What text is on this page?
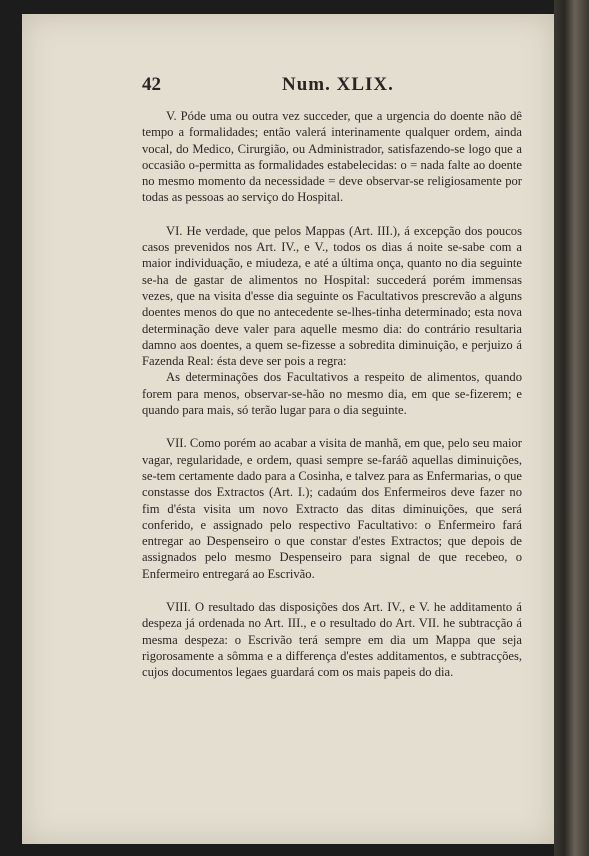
42	Num. XLIX.

V. Póde uma ou outra vez succeder, que a urgencia do doente não dê tempo a formalidades; então valerá interinamente qualquer ordem, ainda vocal, do Medico, Cirurgião, ou Administrador, satisfazendo-se logo que a occasião o-permitta as formalidades estabelecidas: o = nada falte ao doente no mesmo momento da necessidade = deve observar-se religiosamente por todas as pessoas ao serviço do Hospital.

VI. He verdade, que pelos Mappas (Art. III.), á excepção dos poucos casos prevenidos nos Art. IV., e V., todos os dias á noite se-sabe com a maior individuação, e miudeza, e até a última onça, quanto no dia seguinte se-ha de gastar de alimentos no Hospital: succederá porém immensas vezes, que na visita d'esse dia seguinte os Facultativos prescrevão a alguns doentes menos do que no antecedente se-lhes-tinha determinado; esta nova determinação deve valer para aquelle mesmo dia: do contrário resultaria damno aos doentes, a quem se-fizesse a sobredita diminuição, e perjuizo á Fazenda Real: ésta deve ser pois a regra:

As determinações dos Facultativos a respeito de alimentos, quando forem para menos, observar-se-hão no mesmo dia, em que se-fizerem; e quando para mais, só terão lugar para o dia seguinte.

VII. Como porém ao acabar a visita de manhã, em que, pelo seu maior vagar, regularidade, e ordem, quasi sempre se-faráõ aquellas diminuições, se-tem certamente dado para a Cosinha, e talvez para as Enfermarias, o que constasse dos Extractos (Art. I.); cadaúm dos Enfermeiros deve fazer no fim d'ésta visita um novo Extracto das ditas diminuições, que será conferido, e assignado pelo respectivo Facultativo: o Enfermeiro fará entregar ao Despenseiro o que constar d'estes Extractos; que depois de assignados pelo mesmo Despenseiro para signal de que recebeo, o Enfermeiro entregará ao Escrivão.

VIII. O resultado das disposições dos Art. IV., e V. he additamento á despeza já ordenada no Art. III., e o resultado do Art. VII. he subtracção á mesma despeza: o Escrivão terá sempre em dia um Mappa que seja rigorosamente a sômma e a differença d'estes additamentos, e subtracções, cujos documentos legaes guardará com os mais papeis do dia.
